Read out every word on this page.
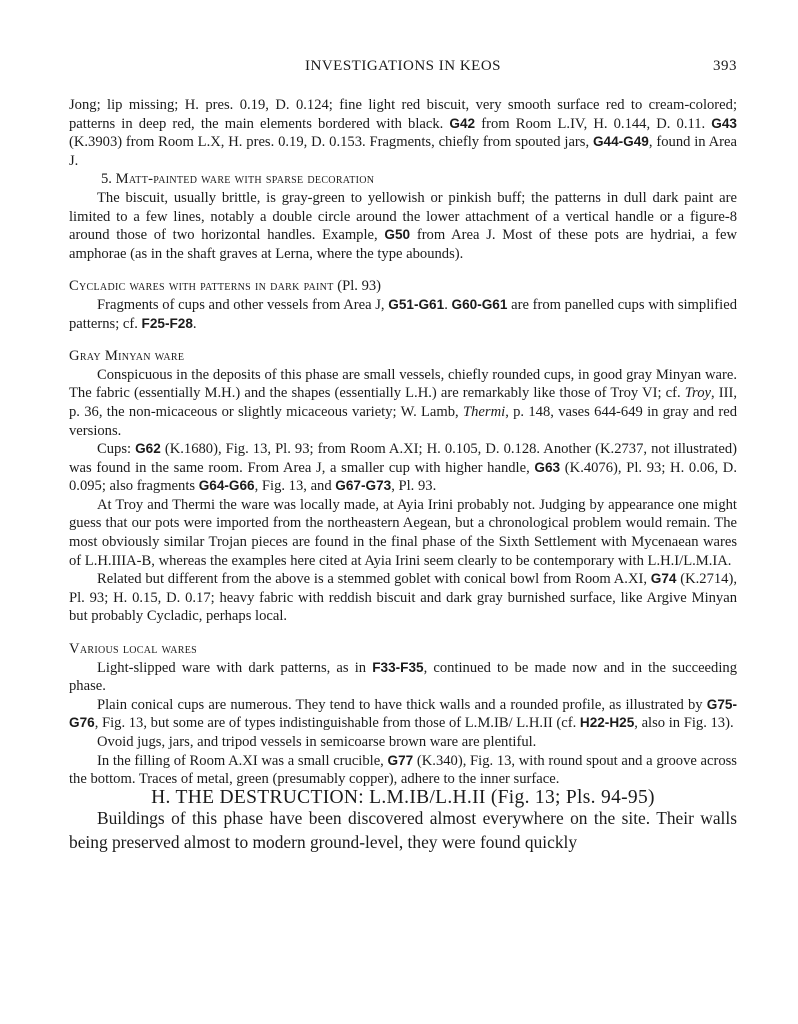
INVESTIGATIONS IN KEOS	393

Jong; lip missing; H. pres. 0.19, D. 0.124; fine light red biscuit, very smooth surface red to cream-colored; patterns in deep red, the main elements bordered with black. G42 from Room L.IV, H. 0.144, D. 0.11. G43 (K.3903) from Room L.X, H. pres. 0.19, D. 0.153. Fragments, chiefly from spouted jars, G44-G49, found in Area J.

5. Matt-painted ware with sparse decoration

The biscuit, usually brittle, is gray-green to yellowish or pinkish buff; the patterns in dull dark paint are limited to a few lines, notably a double circle around the lower attachment of a vertical handle or a figure-8 around those of two horizontal handles. Example, G50 from Area J. Most of these pots are hydriai, a few amphorae (as in the shaft graves at Lerna, where the type abounds).

Cycladic wares with patterns in dark paint (Pl. 93)

Fragments of cups and other vessels from Area J, G51-G61. G60-G61 are from panelled cups with simplified patterns; cf. F25-F28.

Gray Minyan ware

Conspicuous in the deposits of this phase are small vessels, chiefly rounded cups, in good gray Minyan ware. The fabric (essentially M.H.) and the shapes (essentially L.H.) are remarkably like those of Troy VI; cf. Troy, III, p. 36, the non-micaceous or slightly micaceous variety; W. Lamb, Thermi, p. 148, vases 644-649 in gray and red versions.

Cups: G62 (K.1680), Fig. 13, Pl. 93; from Room A.XI; H. 0.105, D. 0.128. Another (K.2737, not illustrated) was found in the same room. From Area J, a smaller cup with higher handle, G63 (K.4076), Pl. 93; H. 0.06, D. 0.095; also fragments G64-G66, Fig. 13, and G67-G73, Pl. 93.

At Troy and Thermi the ware was locally made, at Ayia Irini probably not. Judging by appearance one might guess that our pots were imported from the northeastern Aegean, but a chronological problem would remain. The most obviously similar Trojan pieces are found in the final phase of the Sixth Settlement with Mycenaean wares of L.H.IIIA-B, whereas the examples here cited at Ayia Irini seem clearly to be contemporary with L.H.I/L.M.IA.

Related but different from the above is a stemmed goblet with conical bowl from Room A.XI, G74 (K.2714), Pl. 93; H. 0.15, D. 0.17; heavy fabric with reddish biscuit and dark gray burnished surface, like Argive Minyan but probably Cycladic, perhaps local.

Various local wares

Light-slipped ware with dark patterns, as in F33-F35, continued to be made now and in the succeeding phase.

Plain conical cups are numerous. They tend to have thick walls and a rounded profile, as illustrated by G75-G76, Fig. 13, but some are of types indistinguishable from those of L.M.IB/ L.H.II (cf. H22-H25, also in Fig. 13).

Ovoid jugs, jars, and tripod vessels in semicoarse brown ware are plentiful.

In the filling of Room A.XI was a small crucible, G77 (K.340), Fig. 13, with round spout and a groove across the bottom. Traces of metal, green (presumably copper), adhere to the inner surface.

H. THE DESTRUCTION: L.M.IB/L.H.II (Fig. 13; Pls. 94-95)

Buildings of this phase have been discovered almost everywhere on the site. Their walls being preserved almost to modern ground-level, they were found quickly
